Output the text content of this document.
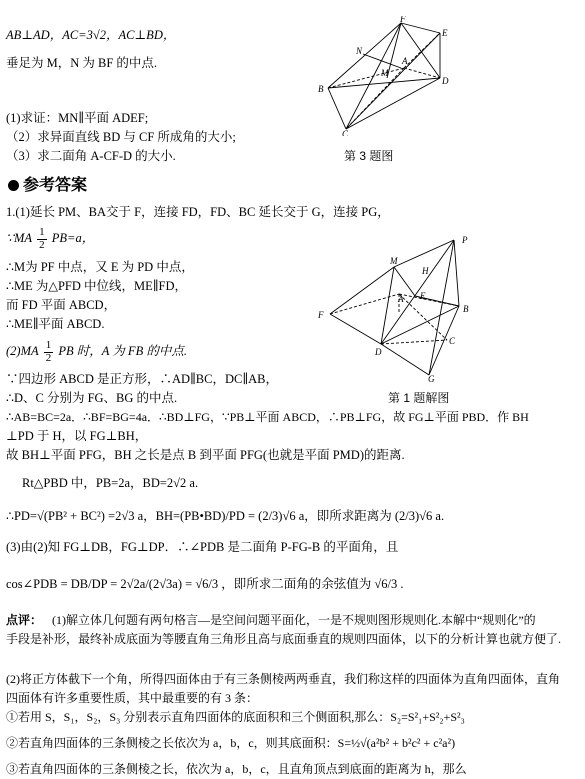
AB⊥AD，AC=3√2，AC⊥BD，
垂足为 M，N 为 BF 的中点.
(1)求证：MN∥平面 ADEF;
（2）求异面直线 BD 与 CF 所成角的大小;
（3）求二面角 A-CF-D 的大小.	第 3 题图
F
E
N
A
M
D
B
C
参考答案
1.(1)延长 PM、BA交于 F，连接 FD，FD、BC 延长交于 G，连接 PG，
∵MA $\frac{1}{2} PB=a$，
∴M为 PF 中点，又 E 为 PD 中点，
∴ME 为△PFD 中位线，ME∥FD，
而 FD 平面 ABCD，
∴ME∥平面 ABCD.
$(2)MA \frac{1}{2}$ PB 时，A 为 FB 的中点.
∵四边形 ABCD 是正方形，∴AD∥BC，DC∥AB，
∴D、C 分别为 FG、BG 的中点.	第 1 题解图
∴AB=BC=2a．∴BF=BG=4a．∴BD⊥FG，∵PB⊥平面 ABCD，∴PB⊥FG，故 FG⊥平面 PBD．作 BH
⊥PD 于 H，以 FG⊥BH，
故 BH⊥平面 PFG，BH 之长是点 B 到平面 PFG(也就是平面 PMD)的距离.
Rt△PBD 中，PB=2a，BD=2√2 a.
∴PD=√(PB² + BC²) =2√3 a，BH=(PB•BD)/PD = (2/3)√6 a，即所求距离为 (2/3)√6 a.
(3)由(2)知 FG⊥DB，FG⊥DP．∴∠PDB 是二面角 P-FG-B 的平面角，且
cos∠PDB = DB/DP = 2√2a/(2√3a) = √6/3 ，即所求二面角的余弦值为 √6/3 .
P
M
H
E
A
F
B
D
C
G
点评： (1)解立体几何题有两句格言—是空间问题平面化，一是不规则图形规则化.本解中“规则化”的
手段是补形，最终补成底面为等腰直角三角形且高与底面垂直的规则四面体，以下的分析计算也就方便了.
(2)将正方体截下一个角，所得四面体由于有三条侧棱两两垂直，我们称这样的四面体为直角四面体，直角
四面体有许多重要性质，其中最重要的有 3 条：
①若用 S，S₁，S₂，S₃ 分别表示直角四面体的底面积和三个侧面积,那么：S₂=S²₁+S²₂+S²₃
②若直角四面体的三条侧棱之长依次为 a，b，c，则其底面积：S=½√(a²b² + b²c² + c²a²)
③若直角四面体的三条侧棱之长，依次为 a，b，c，且直角顶点到底面的距离为 h，那么
